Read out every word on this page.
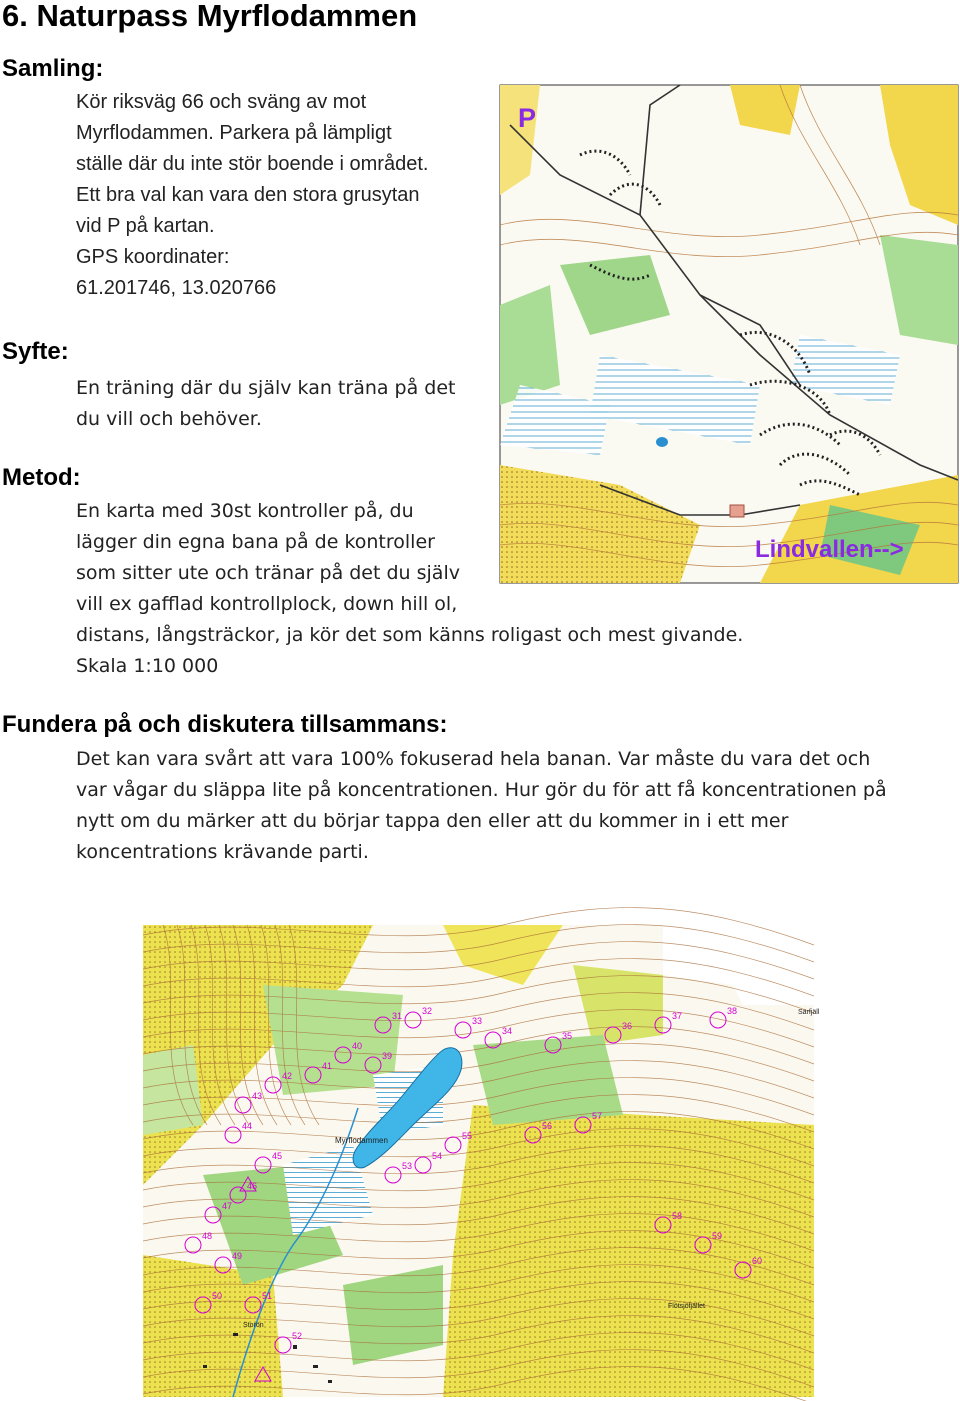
6. Naturpass Myrflodammen
Samling:
Kör riksväg 66 och sväng av mot
Myrflodammen. Parkera på lämpligt
ställe där du inte stör boende i området.
Ett bra val kan vara den stora grusytan
vid P på kartan.
GPS koordinater:
61.201746, 13.020766
Syfte:
En träning där du själv kan träna på det
du vill och behöver.
Metod:
En karta med 30st kontroller på, du
lägger din egna bana på de kontroller
som sitter ute och tränar på det du själv
vill ex gafflad kontrollplock, down hill ol,
distans, långsträckor, ja kör det som känns roligast och mest givande.
Skala 1:10 000
Fundera på och diskutera tillsammans:
Det kan vara svårt att vara 100% fokuserad hela banan. Var måste du vara det och
var vågar du släppa lite på koncentrationen. Hur gör du för att få koncentrationen på
nytt om du märker att du börjar tappa den eller att du kommer in i ett mer
koncentrations krävande parti.
P
Lindvallen-->
Myrflodammen
Särfjäll
Flötsjöfjället
Storön
31 32
33
34	35
36
37	38
39
40
41
42
43
44
45
46
47
48
49
50	51
52
53
54
55
56
57
58
59
60
